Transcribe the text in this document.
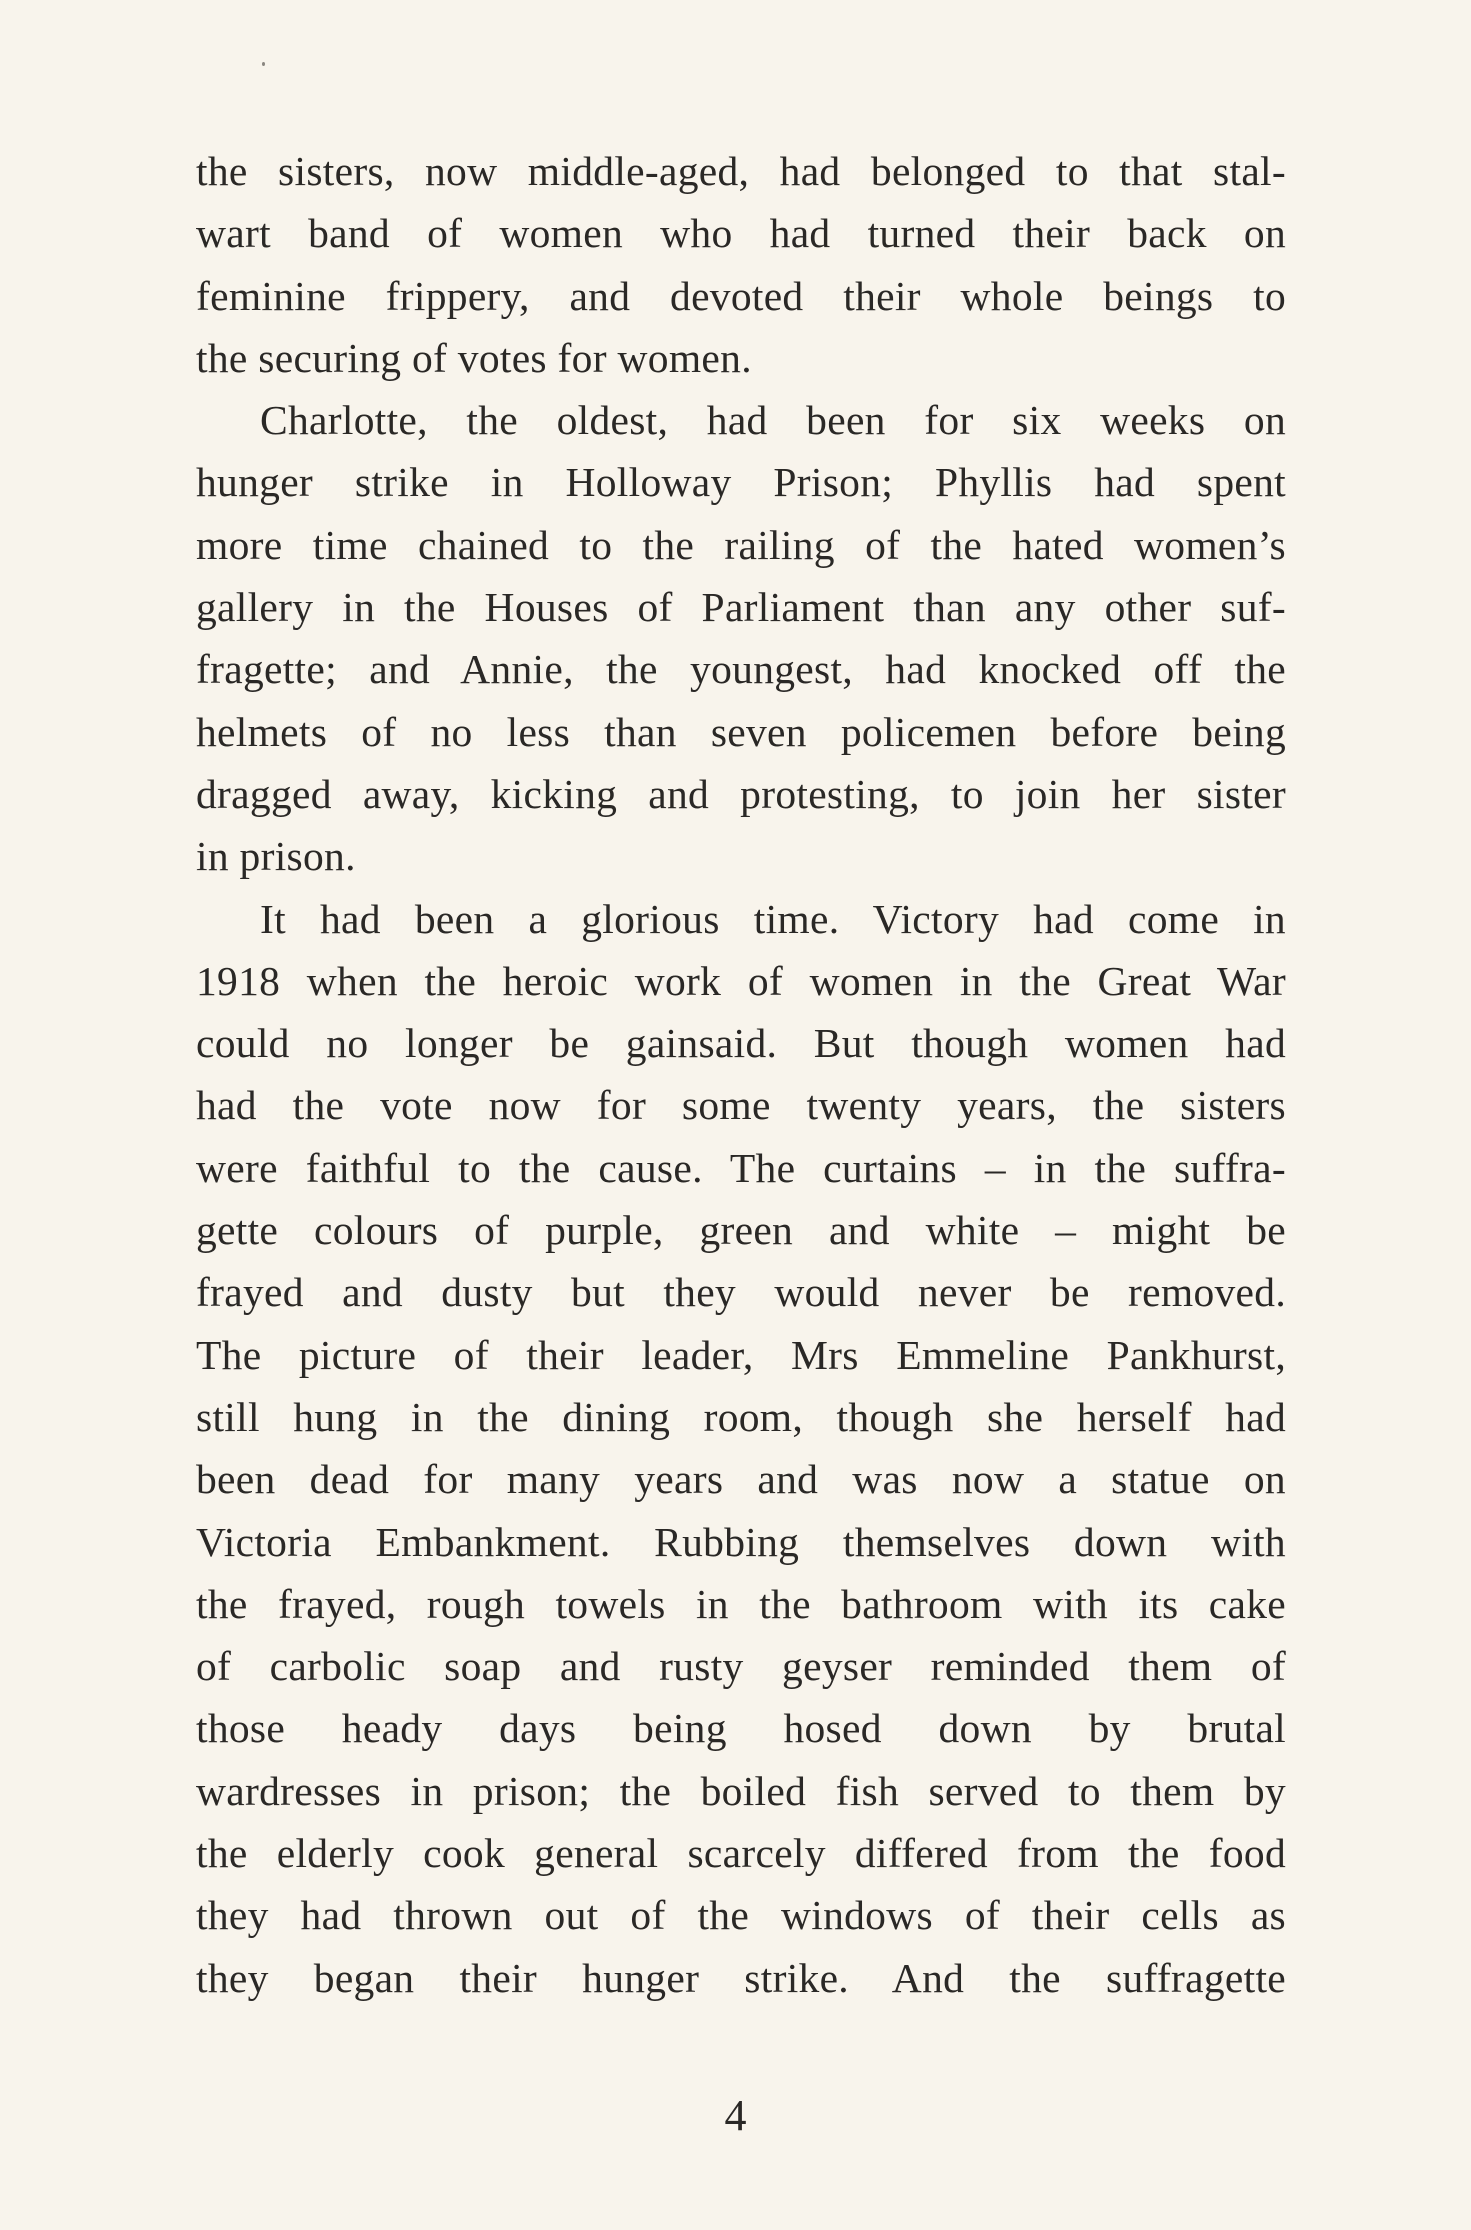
the sisters, now middle-aged, had belonged to that stal-
wart band of women who had turned their back on
feminine frippery, and devoted their whole beings to
the securing of votes for women.
Charlotte, the oldest, had been for six weeks on
hunger strike in Holloway Prison; Phyllis had spent
more time chained to the railing of the hated women’s
gallery in the Houses of Parliament than any other suf-
fragette; and Annie, the youngest, had knocked off the
helmets of no less than seven policemen before being
dragged away, kicking and protesting, to join her sister
in prison.
It had been a glorious time. Victory had come in
1918 when the heroic work of women in the Great War
could no longer be gainsaid. But though women had
had the vote now for some twenty years, the sisters
were faithful to the cause. The curtains – in the suffra-
gette colours of purple, green and white – might be
frayed and dusty but they would never be removed.
The picture of their leader, Mrs Emmeline Pankhurst,
still hung in the dining room, though she herself had
been dead for many years and was now a statue on
Victoria Embankment. Rubbing themselves down with
the frayed, rough towels in the bathroom with its cake
of carbolic soap and rusty geyser reminded them of
those heady days being hosed down by brutal
wardresses in prison; the boiled fish served to them by
the elderly cook general scarcely differed from the food
they had thrown out of the windows of their cells as
they began their hunger strike. And the suffragette
4
